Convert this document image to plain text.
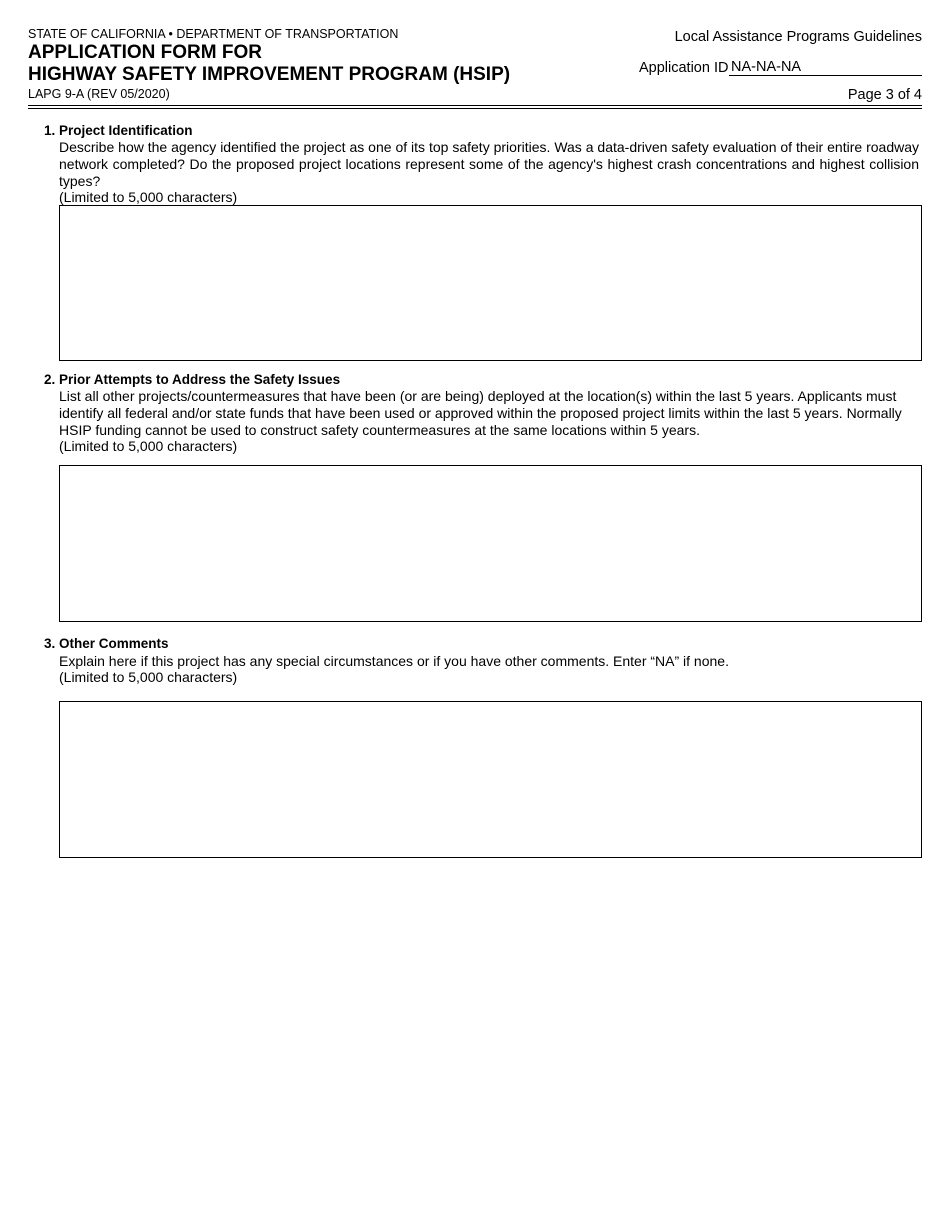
STATE OF CALIFORNIA • DEPARTMENT OF TRANSPORTATION
APPLICATION FORM FOR
HIGHWAY SAFETY IMPROVEMENT PROGRAM (HSIP)
LAPG 9-A (REV 05/2020)
Local Assistance Programs Guidelines
Application ID NA-NA-NA
Page 3 of 4
1. Project Identification
Describe how the agency identified the project as one of its top safety priorities. Was a data-driven safety evaluation of their entire roadway network completed? Do the proposed project locations represent some of the agency's highest crash concentrations and highest collision types?
(Limited to 5,000 characters)
2. Prior Attempts to Address the Safety Issues
List all other projects/countermeasures that have been (or are being) deployed at the location(s) within the last 5 years. Applicants must identify all federal and/or state funds that have been used or approved within the proposed project limits within the last 5 years. Normally HSIP funding cannot be used to construct safety countermeasures at the same locations within 5 years.
(Limited to 5,000 characters)
3. Other Comments
Explain here if this project has any special circumstances or if you have other comments. Enter “NA” if none.
(Limited to 5,000 characters)
